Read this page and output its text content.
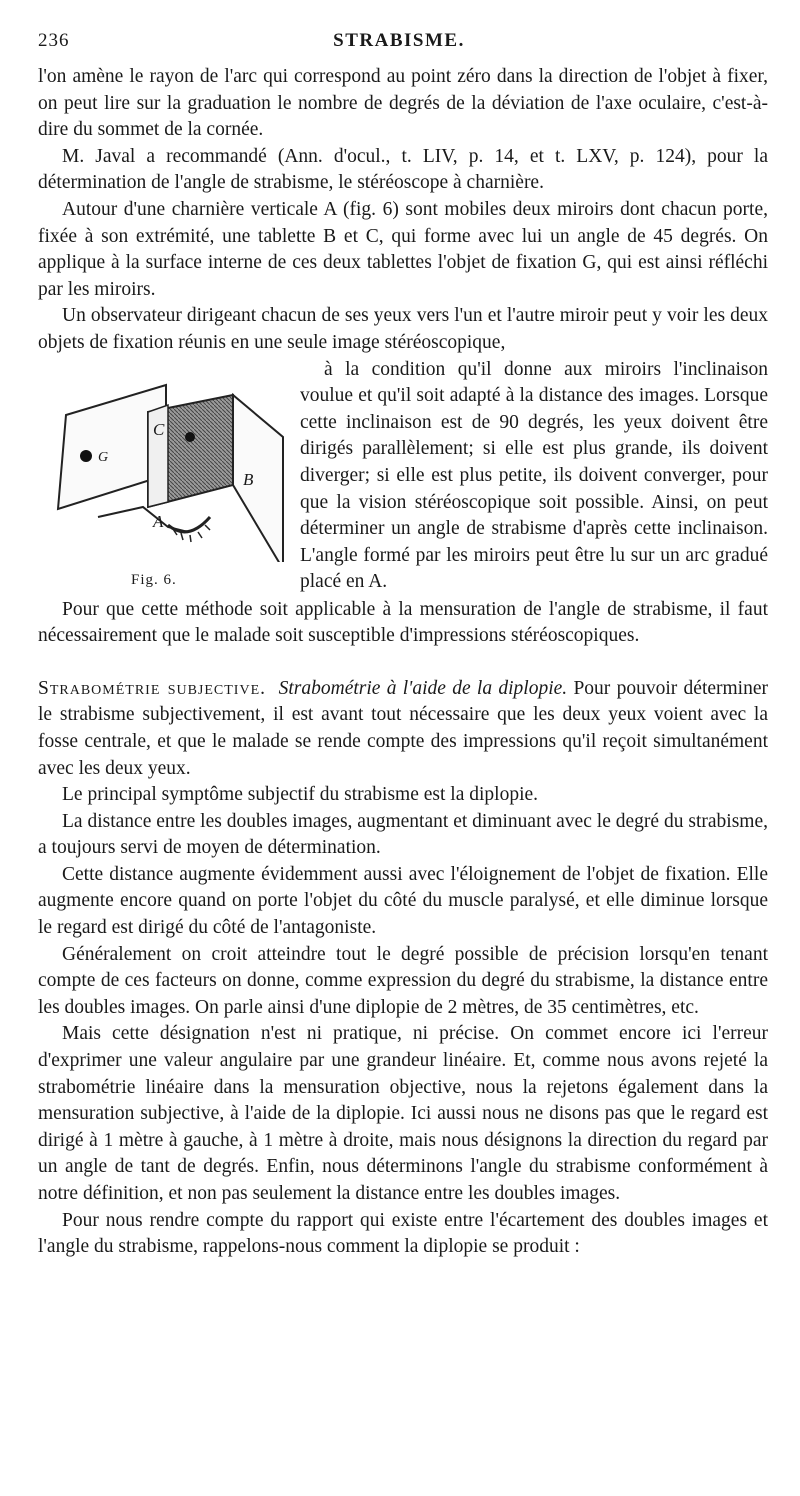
236	STRABISME.

l'on amène le rayon de l'arc qui correspond au point zéro dans la direction de l'objet à fixer, on peut lire sur la graduation le nombre de degrés de la déviation de l'axe oculaire, c'est-à-dire du sommet de la cornée.

M. Javal a recommandé (Ann. d'ocul., t. LIV, p. 14, et t. LXV, p. 124), pour la détermination de l'angle de strabisme, le stéréoscope à charnière.

Autour d'une charnière verticale A (fig. 6) sont mobiles deux miroirs dont chacun porte, fixée à son extrémité, une tablette B et C, qui forme avec lui un angle de 45 degrés. On applique à la surface interne de ces deux tablettes l'objet de fixation G, qui est ainsi réfléchi par les miroirs.

Un observateur dirigeant chacun de ses yeux vers l'un et l'autre miroir peut y voir les deux objets de fixation réunis en une seule image stéréoscopique,

C
G
B
A
Fig. 6.

à la condition qu'il donne aux miroirs l'inclinaison voulue et qu'il soit adapté à la distance des images. Lorsque cette inclinaison est de 90 degrés, les yeux doivent être dirigés parallèlement; si elle est plus grande, ils doivent diverger; si elle est plus petite, ils doivent converger, pour que la vision stéréoscopique soit possible. Ainsi, on peut déterminer un angle de strabisme d'après cette inclinaison. L'angle formé par les miroirs peut être lu sur un arc gradué placé en A.

Pour que cette méthode soit applicable à la mensuration de l'angle de strabisme, il faut nécessairement que le malade soit susceptible d'impressions stéréoscopiques.

Strabométrie subjective. Strabométrie à l'aide de la diplopie. Pour pouvoir déterminer le strabisme subjectivement, il est avant tout nécessaire que les deux yeux voient avec la fosse centrale, et que le malade se rende compte des impressions qu'il reçoit simultanément avec les deux yeux.

Le principal symptôme subjectif du strabisme est la diplopie.

La distance entre les doubles images, augmentant et diminuant avec le degré du strabisme, a toujours servi de moyen de détermination.

Cette distance augmente évidemment aussi avec l'éloignement de l'objet de fixation. Elle augmente encore quand on porte l'objet du côté du muscle paralysé, et elle diminue lorsque le regard est dirigé du côté de l'antagoniste.

Généralement on croit atteindre tout le degré possible de précision lorsqu'en tenant compte de ces facteurs on donne, comme expression du degré du strabisme, la distance entre les doubles images. On parle ainsi d'une diplopie de 2 mètres, de 35 centimètres, etc.

Mais cette désignation n'est ni pratique, ni précise. On commet encore ici l'erreur d'exprimer une valeur angulaire par une grandeur linéaire. Et, comme nous avons rejeté la strabométrie linéaire dans la mensuration objective, nous la rejetons également dans la mensuration subjective, à l'aide de la diplopie. Ici aussi nous ne disons pas que le regard est dirigé à 1 mètre à gauche, à 1 mètre à droite, mais nous désignons la direction du regard par un angle de tant de degrés. Enfin, nous déterminons l'angle du strabisme conformément à notre définition, et non pas seulement la distance entre les doubles images.

Pour nous rendre compte du rapport qui existe entre l'écartement des doubles images et l'angle du strabisme, rappelons-nous comment la diplopie se produit :
